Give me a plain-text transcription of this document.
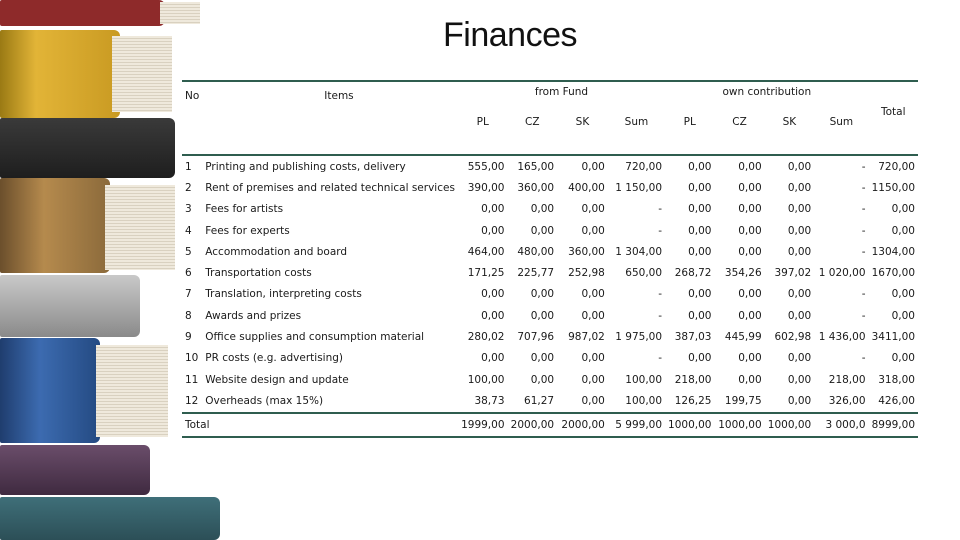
Finances
No	Items	from Fund				own contribution				
		PL	CZ	SK	Sum	PL	CZ	SK	Sum	Total
1	Printing and publishing costs, delivery	555,00	165,00	0,00	720,00	0,00	0,00	0,00	-	720,00
2	Rent of premises and related technical services	390,00	360,00	400,00	1 150,00	0,00	0,00	0,00	-	1150,00
3	Fees for artists	0,00	0,00	0,00	-	0,00	0,00	0,00	-	0,00
4	Fees for experts	0,00	0,00	0,00	-	0,00	0,00	0,00	-	0,00
5	Accommodation and board	464,00	480,00	360,00	1 304,00	0,00	0,00	0,00	-	1304,00
6	Transportation costs	171,25	225,77	252,98	650,00	268,72	354,26	397,02	1 020,00	1670,00
7	Translation, interpreting costs	0,00	0,00	0,00	-	0,00	0,00	0,00	-	0,00
8	Awards and prizes	0,00	0,00	0,00	-	0,00	0,00	0,00	-	0,00
9	Office supplies and consumption material	280,02	707,96	987,02	1 975,00	387,03	445,99	602,98	1 436,00	3411,00
10	PR costs (e.g. advertising)	0,00	0,00	0,00	-	0,00	0,00	0,00	-	0,00
11	Website design and update	100,00	0,00	0,00	100,00	218,00	0,00	0,00	218,00	318,00
12	Overheads (max 15%)	38,73	61,27	0,00	100,00	126,25	199,75	0,00	326,00	426,00
Total		1999,00	2000,00	2000,00	5 999,00	1000,00	1000,00	1000,00	3 000,0	8999,00
